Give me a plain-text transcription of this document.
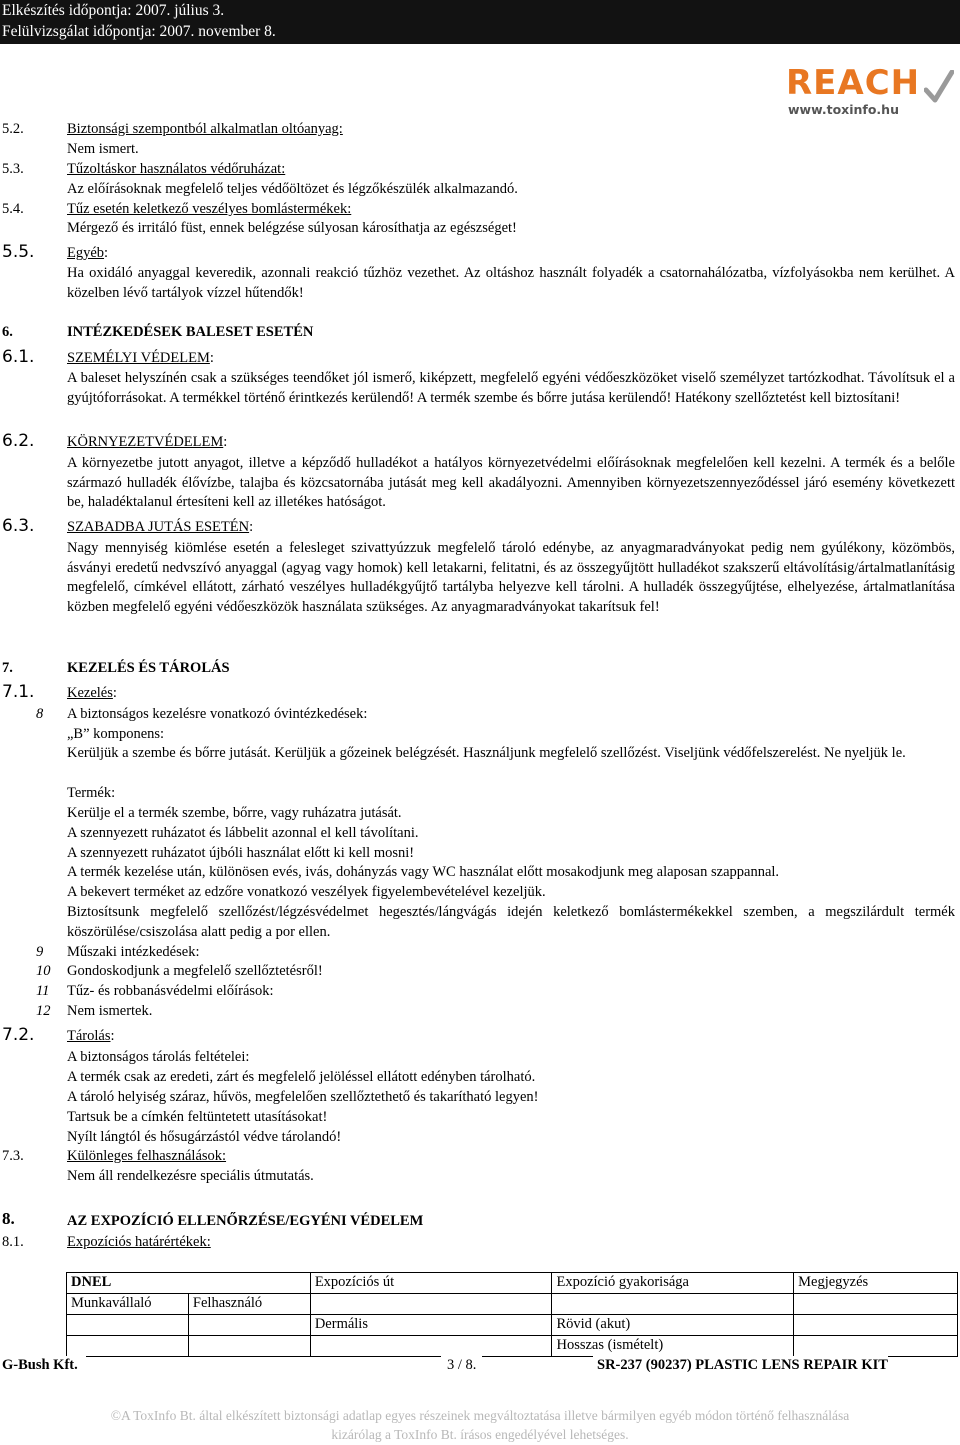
Elkészítés időpontja: 2007. július 3.
Felülvizsgálat időpontja: 2007. november 8.
REACH
www.toxinfo.hu
5.2.	Biztonsági szempontból alkalmatlan oltóanyag:
Nem ismert.
5.3.	Tűzoltáskor használatos védőruházat:
Az előírásoknak megfelelő teljes védőöltözet és légzőkészülék alkalmazandó.
5.4.	Tűz esetén keletkező veszélyes bomlástermékek:
Mérgező és irritáló füst, ennek belégzése súlyosan károsíthatja az egészséget!
5.5. Egyéb:
Ha oxidáló anyaggal keveredik, azonnali reakció tűzhöz vezethet. Az oltáshoz használt folyadék a csatornahálózatba, vízfolyásokba nem kerülhet. A közelben lévő tartályok vízzel hűtendők!
6.	INTÉZKEDÉSEK BALESET ESETÉN
6.1. SZEMÉLYI VÉDELEM:
A baleset helyszínén csak a szükséges teendőket jól ismerő, kiképzett, megfelelő egyéni védőeszközöket viselő személyzet tartózkodhat. Távolítsuk el a gyújtóforrásokat. A termékkel történő érintkezés kerülendő! A termék szembe és bőrre jutása kerülendő! Hatékony szellőztetést kell biztosítani!
6.2. KÖRNYEZETVÉDELEM:
A környezetbe jutott anyagot, illetve a képződő hulladékot a hatályos környezetvédelmi előírásoknak megfelelően kell kezelni. A termék és a belőle származó hulladék élővízbe, talajba és közcsatornába jutását meg kell akadályozni. Amennyiben környezetszennyeződéssel járó esemény következett be, haladéktalanul értesíteni kell az illetékes hatóságot.
6.3. SZABADBA JUTÁS ESETÉN:
Nagy mennyiség kiömlése esetén a felesleget szivattyúzzuk megfelelő tároló edénybe, az anyagmaradványokat pedig nem gyúlékony, közömbös, ásványi eredetű nedvszívó anyaggal (agyag vagy homok) kell letakarni, felitatni, és az összegyűjtött hulladékot szakszerű eltávolításig/ártalmatlanításig megfelelő, címkével ellátott, zárható veszélyes hulladékgyűjtő tartályba helyezve kell tárolni. A hulladék összegyűjtése, elhelyezése, ártalmatlanítása közben megfelelő egyéni védőeszközök használata szükséges. Az anyagmaradványokat takarítsuk fel!
7.	KEZELÉS ÉS TÁROLÁS
7.1. Kezelés:
8 A biztonságos kezelésre vonatkozó óvintézkedések:
„B” komponens:
Kerüljük a szembe és bőrre jutását. Kerüljük a gőzeinek belégzését. Használjunk megfelelő szellőzést. Viseljünk védőfelszerelést. Ne nyeljük le.
Termék:
Kerülje el a termék szembe, bőrre, vagy ruházatra jutását.
A szennyezett ruházatot és lábbelit azonnal el kell távolítani.
A szennyezett ruházatot újbóli használat előtt ki kell mosni!
A termék kezelése után, különösen evés, ivás, dohányzás vagy WC használat előtt mosakodjunk meg alaposan szappannal.
A bekevert terméket az edzőre vonatkozó veszélyek figyelembevételével kezeljük.
Biztosítsunk megfelelő szellőzést/légzésvédelmet hegesztés/lángvágás idején keletkező bomlástermékekkel szemben, a megszilárdult termék köszörülése/csiszolása alatt pedig a por ellen.
9 Műszaki intézkedések:
10 Gondoskodjunk a megfelelő szellőztetésről!
11 Tűz- és robbanásvédelmi előírások:
12 Nem ismertek.
7.2. Tárolás:
A biztonságos tárolás feltételei:
A termék csak az eredeti, zárt és megfelelő jelöléssel ellátott edényben tárolható.
A tároló helyiség száraz, hűvös, megfelelően szellőztethető és takarítható legyen!
Tartsuk be a címkén feltüntetett utasításokat!
Nyílt lángtól és hősugárzástól védve tárolandó!
7.3.	Különleges felhasználások:
Nem áll rendelkezésre speciális útmutatás.
8.	AZ EXPOZÍCIÓ ELLENŐRZÉSE/EGYÉNI VÉDELEM
8.1.	Expozíciós határértékek:
DNEL		Expozíciós út	Expozíció gyakorisága	Megjegyzés
Munkavállaló	Felhasználó			
		Dermális	Rövid (akut)	
			Hosszas (ismételt)	
G-Bush Kft.	3 / 8.	SR-237 (90237) PLASTIC LENS REPAIR KIT
©A ToxInfo Bt. által elkészített biztonsági adatlap egyes részeinek megváltoztatása illetve bármilyen egyéb módon történő felhasználása
kizárólag a ToxInfo Bt. írásos engedélyével lehetséges.
